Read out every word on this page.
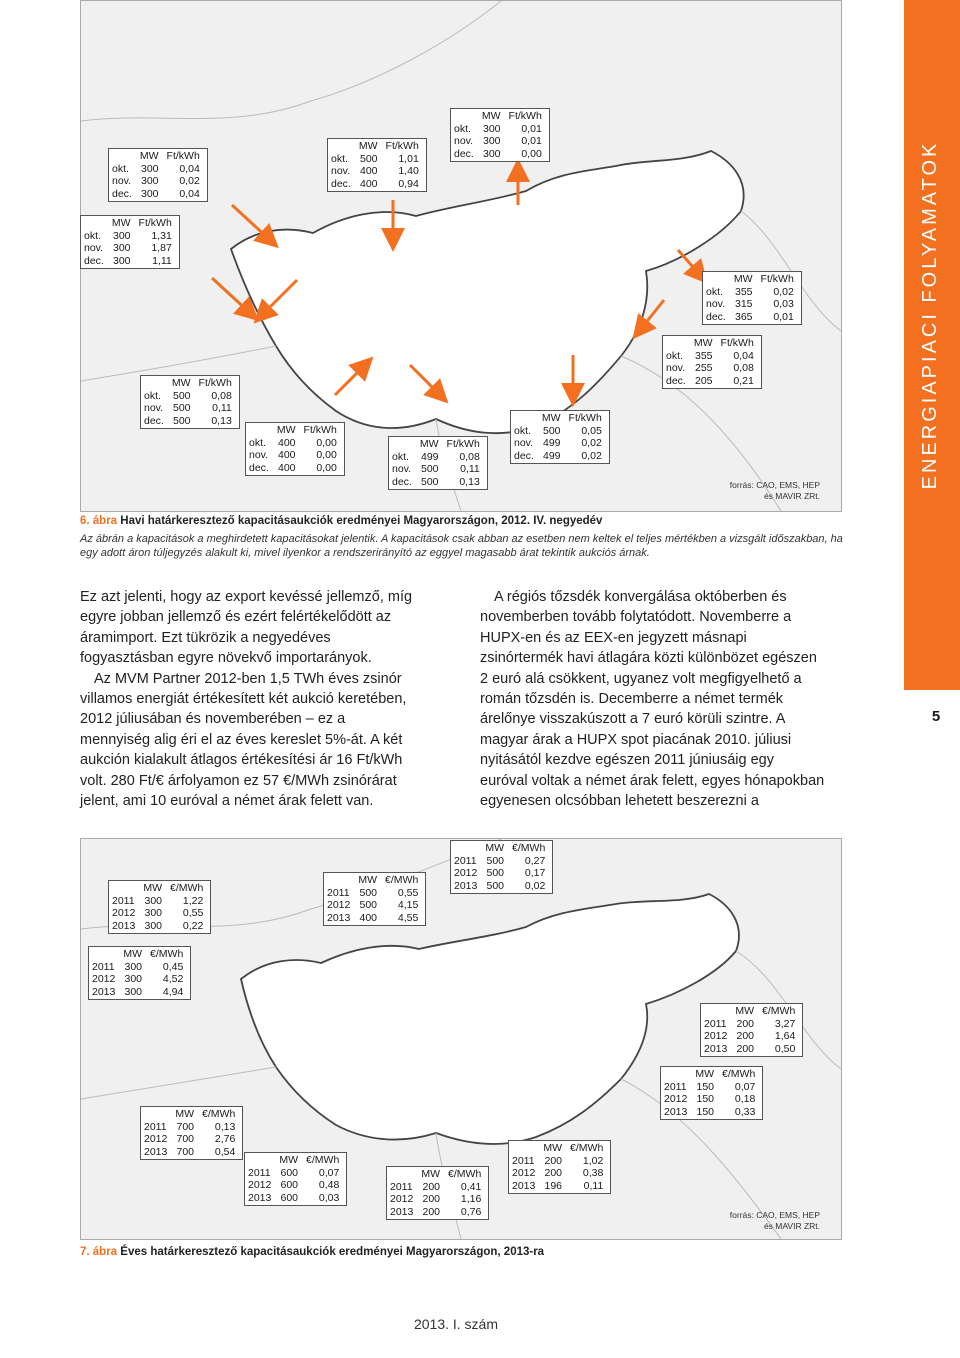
ENERGIAPIACI FOLYAMATOK
5
	MW	Ft/kWh
okt.	300	0,04
nov.	300	0,02
dec.	300	0,04
	MW	Ft/kWh
okt.	500	1,01
nov.	400	1,40
dec.	400	0,94
	MW	Ft/kWh
okt.	300	0,01
nov.	300	0,01
dec.	300	0,00
	MW	Ft/kWh
okt.	300	1,31
nov.	300	1,87
dec.	300	1,11
	MW	Ft/kWh
okt.	355	0,02
nov.	315	0,03
dec.	365	0,01
	MW	Ft/kWh
okt.	355	0,04
nov.	255	0,08
dec.	205	0,21
	MW	Ft/kWh
okt.	500	0,08
nov.	500	0,11
dec.	500	0,13
		MW	Ft/kWh
okt.	500	0,05
nov.	499	0,02
dec.	499	0,02
	MW	Ft/kWh
okt.	400	0,00
nov.	400	0,00
dec.	400	0,00
	MW	Ft/kWh
okt.	499	0,08
nov.	500	0,11
dec.	500	0,13	forrás: CAO, EMS, HEP
és MAVIR ZRt.
6. ábra Havi határkeresztező kapacitásaukciók eredményei Magyarországon, 2012. IV. negyedév
Az ábrán a kapacitások a meghirdetett kapacitásokat jelentik. A kapacitások csak abban az esetben nem keltek el teljes mértékben a vizsgált időszakban, ha egy adott áron túljegyzés alakult ki, mivel ilyenkor a rendszerirányító az eggyel magasabb árat tekintik aukciós árnak.

Ez azt jelenti, hogy az export kevéssé jellemző, míg egyre jobban jellemző és ezért felértékelődött az áramimport. Ezt tükrözik a negyedéves fogyasztásban egyre növekvő importarányok.

Az MVM Partner 2012-ben 1,5 TWh éves zsinór villamos energiát értékesített két aukció keretében, 2012 júliusában és novemberében – ez a mennyiség alig éri el az éves kereslet 5%-át. A két aukción kialakult átlagos értékesítési ár 16 Ft/kWh volt. 280 Ft/€ árfolyamon ez 57 €/MWh zsinórárat jelent, ami 10 euróval a német árak felett van.

A régiós tőzsdék konvergálása októberben és novemberben tovább folytatódott. Novemberre a HUPX-en és az EEX-en jegyzett másnapi zsinórtermék havi átlagára közti különbözet egészen 2 euró alá csökkent, ugyanez volt megfigyelhető a román tőzsdén is. Decemberre a német termék árelőnye visszakúszott a 7 euró körüli szintre. A magyar árak a HUPX spot piacának 2010. júliusi nyitásától kezdve egészen 2011 júniusáig egy euróval voltak a német árak felett, egyes hónapokban egyenesen olcsóbban lehetett beszerezni a

	MW	€/MWh
2011	300	1,22
2012	300	0,55
2013	300	0,22
	MW	€/MWh
2011	500	0,55
2012	500	4,15
2013	400	4,55
	MW	€/MWh
2011	500	0,27
2012	500	0,17
2013	500	0,02
	MW	€/MWh
2011	300	0,45
2012	300	4,52
2013	300	4,94
	MW	€/MWh
2011	200	3,27
2012	200	1,64
2013	200	0,50
	MW	€/MWh
2011	150	0,07
2012	150	0,18
2013	150	0,33
	MW	€/MWh
2011	700	0,13
2012	700	2,76
2013	700	0,54
	MW	€/MWh
2011	600	0,07
2012	600	0,48
2013	600	0,03
	MW	€/MWh
2011	200	0,41
2012	200	1,16
2013	200	0,76
	MW	€/MWh
2011	200	1,02
2012	200	0,38
2013	196	0,11
forrás: CAO, EMS, HEP
és MAVIR ZRt.
7. ábra Éves határkeresztező kapacitásaukciók eredményei Magyarországon, 2013-ra
2013. I. szám
